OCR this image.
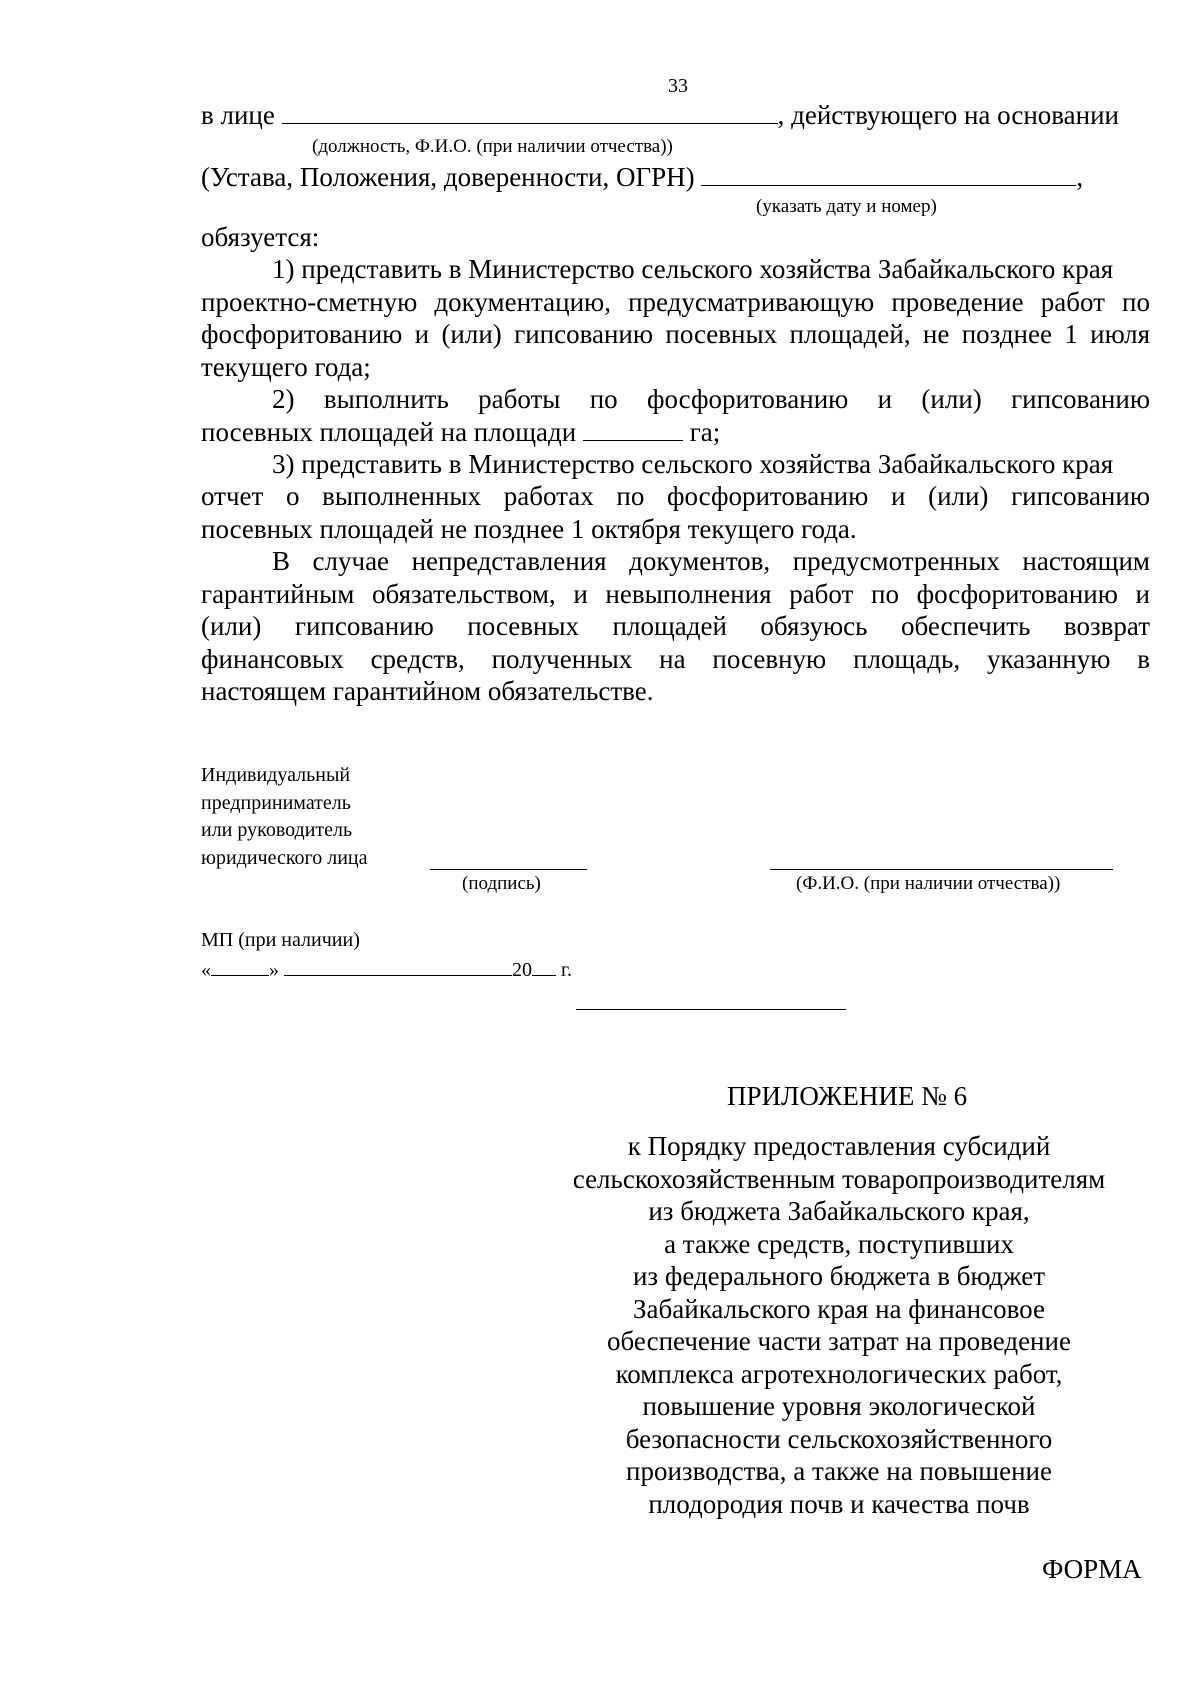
33
в лице	, действующего на основании
(должность, Ф.И.О. (при наличии отчества))
(Устава, Положения, доверенности, ОГРН)	,
(указать дату и номер)
обязуется:
1) представить в Министерство сельского хозяйства Забайкальского края
проектно-сметную документацию, предусматривающую проведение работ по
фосфоритованию и (или) гипсованию посевных площадей, не позднее 1 июля
текущего года;
2) выполнить работы по фосфоритованию и (или) гипсованию
посевных площадей на площади	га;
3) представить в Министерство сельского хозяйства Забайкальского края
отчет о выполненных работах по фосфоритованию и (или) гипсованию
посевных площадей не позднее 1 октября текущего года.
В случае непредставления документов, предусмотренных настоящим
гарантийным обязательством, и невыполнения работ по фосфоритованию и
(или) гипсованию посевных площадей обязуюсь обеспечить возврат
финансовых средств, полученных на посевную площадь, указанную в
настоящем гарантийном обязательстве.
Индивидуальный
предприниматель
или руководитель
юридического лица
(подпись)	(Ф.И.О. (при наличии отчества))
МП (при наличии)
«	»	20 г.
ПРИЛОЖЕНИЕ № 6
к Порядку предоставления субсидий
сельскохозяйственным товаропроизводителям
из бюджета Забайкальского края,
а также средств, поступивших
из федерального бюджета в бюджет
Забайкальского края на финансовое
обеспечение части затрат на проведение
комплекса агротехнологических работ,
повышение уровня экологической
безопасности сельскохозяйственного
производства, а также на повышение
плодородия почв и качества почв
ФОРМА
